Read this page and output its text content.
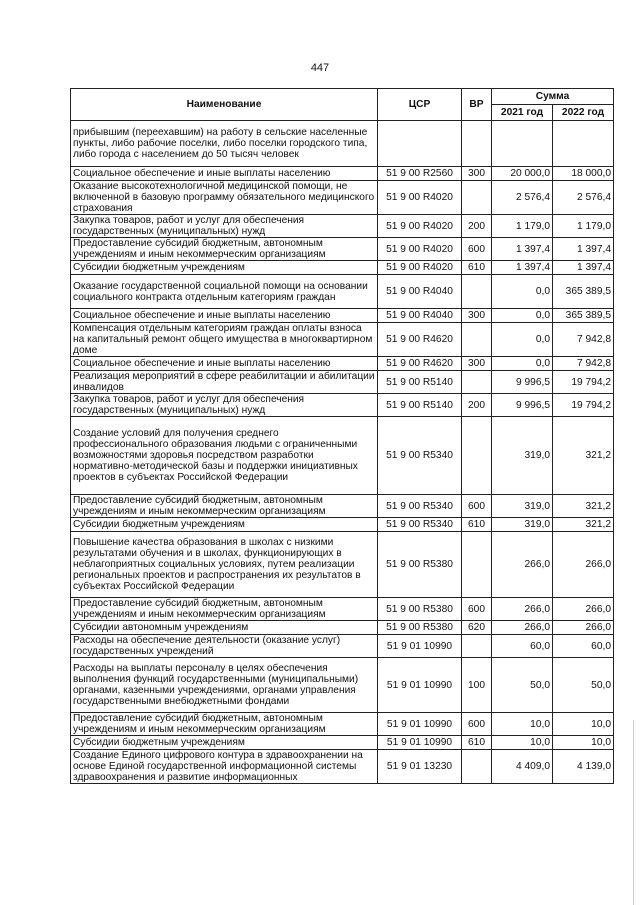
447
Наименование	ЦСР	ВР	Сумма	
			2021 год	2022 год
прибывшим (переехавшим) на работу в сельские населенные пункты, либо рабочие поселки, либо поселки городского типа, либо города с населением до 50 тысяч человек				
Социальное обеспечение и иные выплаты населению	51 9 00 R2560	300	20 000,0	18 000,0
Оказание высокотехнологичной медицинской помощи, не включенной в базовую программу обязательного медицинского страхования	51 9 00 R4020		2 576,4	2 576,4
Закупка товаров, работ и услуг для обеспечения государственных (муниципальных) нужд	51 9 00 R4020	200	1 179,0	1 179,0
Предоставление субсидий бюджетным, автономным учреждениям и иным некоммерческим организациям	51 9 00 R4020	600	1 397,4	1 397,4
Субсидии бюджетным учреждениям	51 9 00 R4020	610	1 397,4	1 397,4
Оказание государственной социальной помощи на основании социального контракта отдельным категориям граждан	51 9 00 R4040		0,0	365 389,5
Социальное обеспечение и иные выплаты населению	51 9 00 R4040	300	0,0	365 389,5
Компенсация отдельным категориям граждан оплаты взноса на капитальный ремонт общего имущества в многоквартирном доме	51 9 00 R4620		0,0	7 942,8
Социальное обеспечение и иные выплаты населению	51 9 00 R4620	300	0,0	7 942,8
Реализация мероприятий в сфере реабилитации и абилитации инвалидов	51 9 00 R5140		9 996,5	19 794,2
Закупка товаров, работ и услуг для обеспечения государственных (муниципальных) нужд	51 9 00 R5140	200	9 996,5	19 794,2
Создание условий для получения среднего профессионального образования людьми с ограниченными возможностями здоровья посредством разработки нормативно-методической базы и поддержки инициативных проектов в субъектах Российской Федерации	51 9 00 R5340		319,0	321,2
Предоставление субсидий бюджетным, автономным учреждениям и иным некоммерческим организациям	51 9 00 R5340	600	319,0	321,2
Субсидии бюджетным учреждениям	51 9 00 R5340	610	319,0	321,2
Повышение качества образования в школах с низкими результатами обучения и в школах, функционирующих в неблагоприятных социальных условиях, путем реализации региональных проектов и распространения их результатов в субъектах Российской Федерации	51 9 00 R5380		266,0	266,0
Предоставление субсидий бюджетным, автономным учреждениям и иным некоммерческим организациям	51 9 00 R5380	600	266,0	266,0
Субсидии автономным учреждениям	51 9 00 R5380	620	266,0	266,0
Расходы на обеспечение деятельности (оказание услуг) государственных учреждений	51 9 01 10990		60,0	60,0
Расходы на выплаты персоналу в целях обеспечения выполнения функций государственными (муниципальными) органами, казенными учреждениями, органами управления государственными внебюджетными фондами	51 9 01 10990	100	50,0	50,0
Предоставление субсидий бюджетным, автономным учреждениям и иным некоммерческим организациям	51 9 01 10990	600	10,0	10,0
Субсидии бюджетным учреждениям	51 9 01 10990	610	10,0	10,0
Создание Единого цифрового контура в здравоохранении на основе Единой государственной информационной системы здравоохранения и развитие информационных	51 9 01 13230		4 409,0	4 139,0
